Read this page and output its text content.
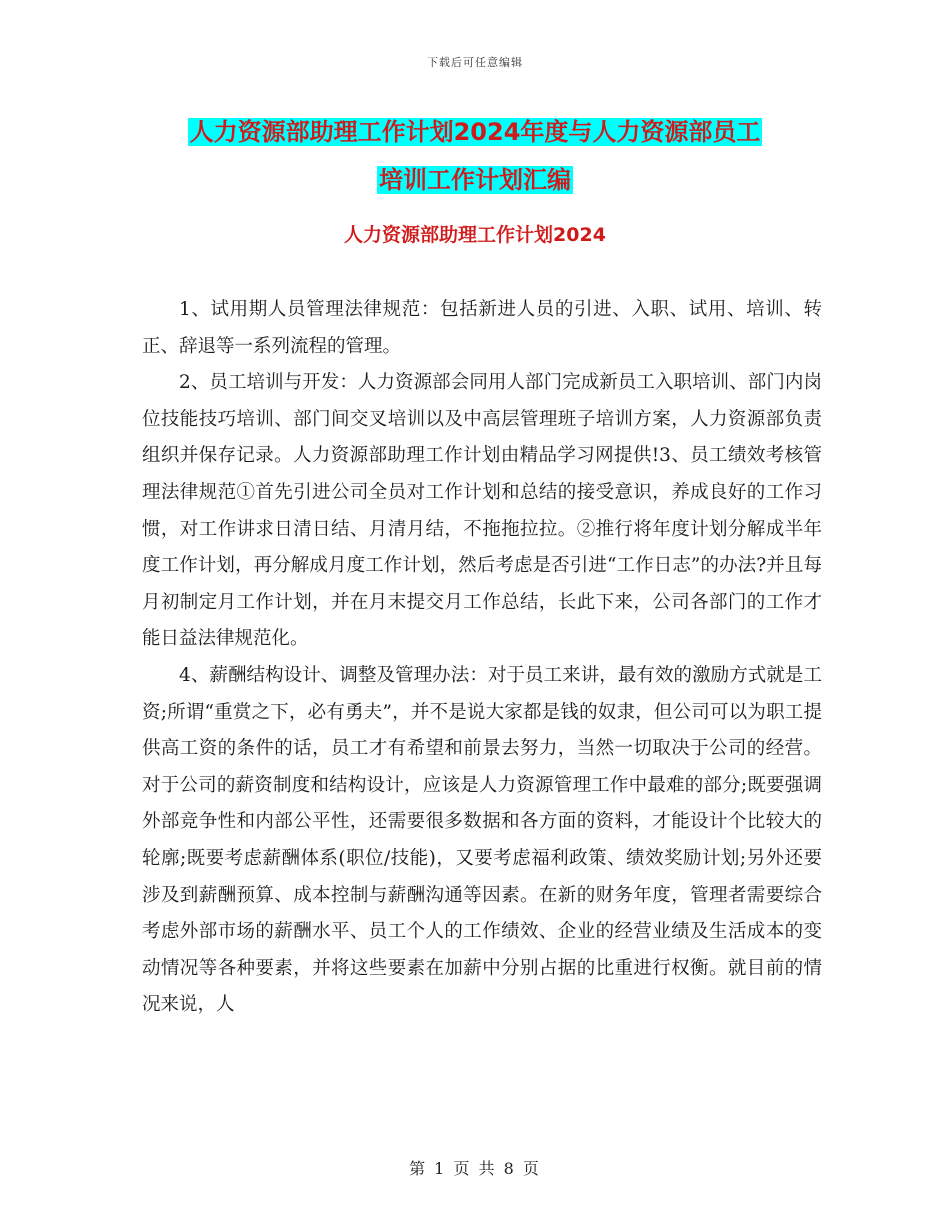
下载后可任意编辑
人力资源部助理工作计划2024年度与人力资源部员工
培训工作计划汇编
人力资源部助理工作计划2024

1、试用期人员管理法律规范：包括新进人员的引进、入职、试用、培训、转正、辞退等一系列流程的管理。

2、员工培训与开发：人力资源部会同用人部门完成新员工入职培训、部门内岗位技能技巧培训、部门间交叉培训以及中高层管理班子培训方案，人力资源部负责组织并保存记录。人力资源部助理工作计划由精品学习网提供!3、员工绩效考核管理法律规范①首先引进公司全员对工作计划和总结的接受意识，养成良好的工作习惯，对工作讲求日清日结、月清月结，不拖拖拉拉。②推行将年度计划分解成半年度工作计划，再分解成月度工作计划，然后考虑是否引进“工作日志”的办法?并且每月初制定月工作计划，并在月末提交月工作总结，长此下来，公司各部门的工作才能日益法律规范化。

4、薪酬结构设计、调整及管理办法：对于员工来讲，最有效的激励方式就是工资;所谓“重赏之下，必有勇夫”，并不是说大家都是钱的奴隶，但公司可以为职工提供高工资的条件的话，员工才有希望和前景去努力，当然一切取决于公司的经营。对于公司的薪资制度和结构设计，应该是人力资源管理工作中最难的部分;既要强调外部竞争性和内部公平性，还需要很多数据和各方面的资料，才能设计个比较大的轮廓;既要考虑薪酬体系(职位/技能)，又要考虑福利政策、绩效奖励计划;另外还要涉及到薪酬预算、成本控制与薪酬沟通等因素。在新的财务年度，管理者需要综合考虑外部市场的薪酬水平、员工个人的工作绩效、企业的经营业绩及生活成本的变动情况等各种要素，并将这些要素在加薪中分别占据的比重进行权衡。就目前的情况来说，人

第 1 页 共 8 页
